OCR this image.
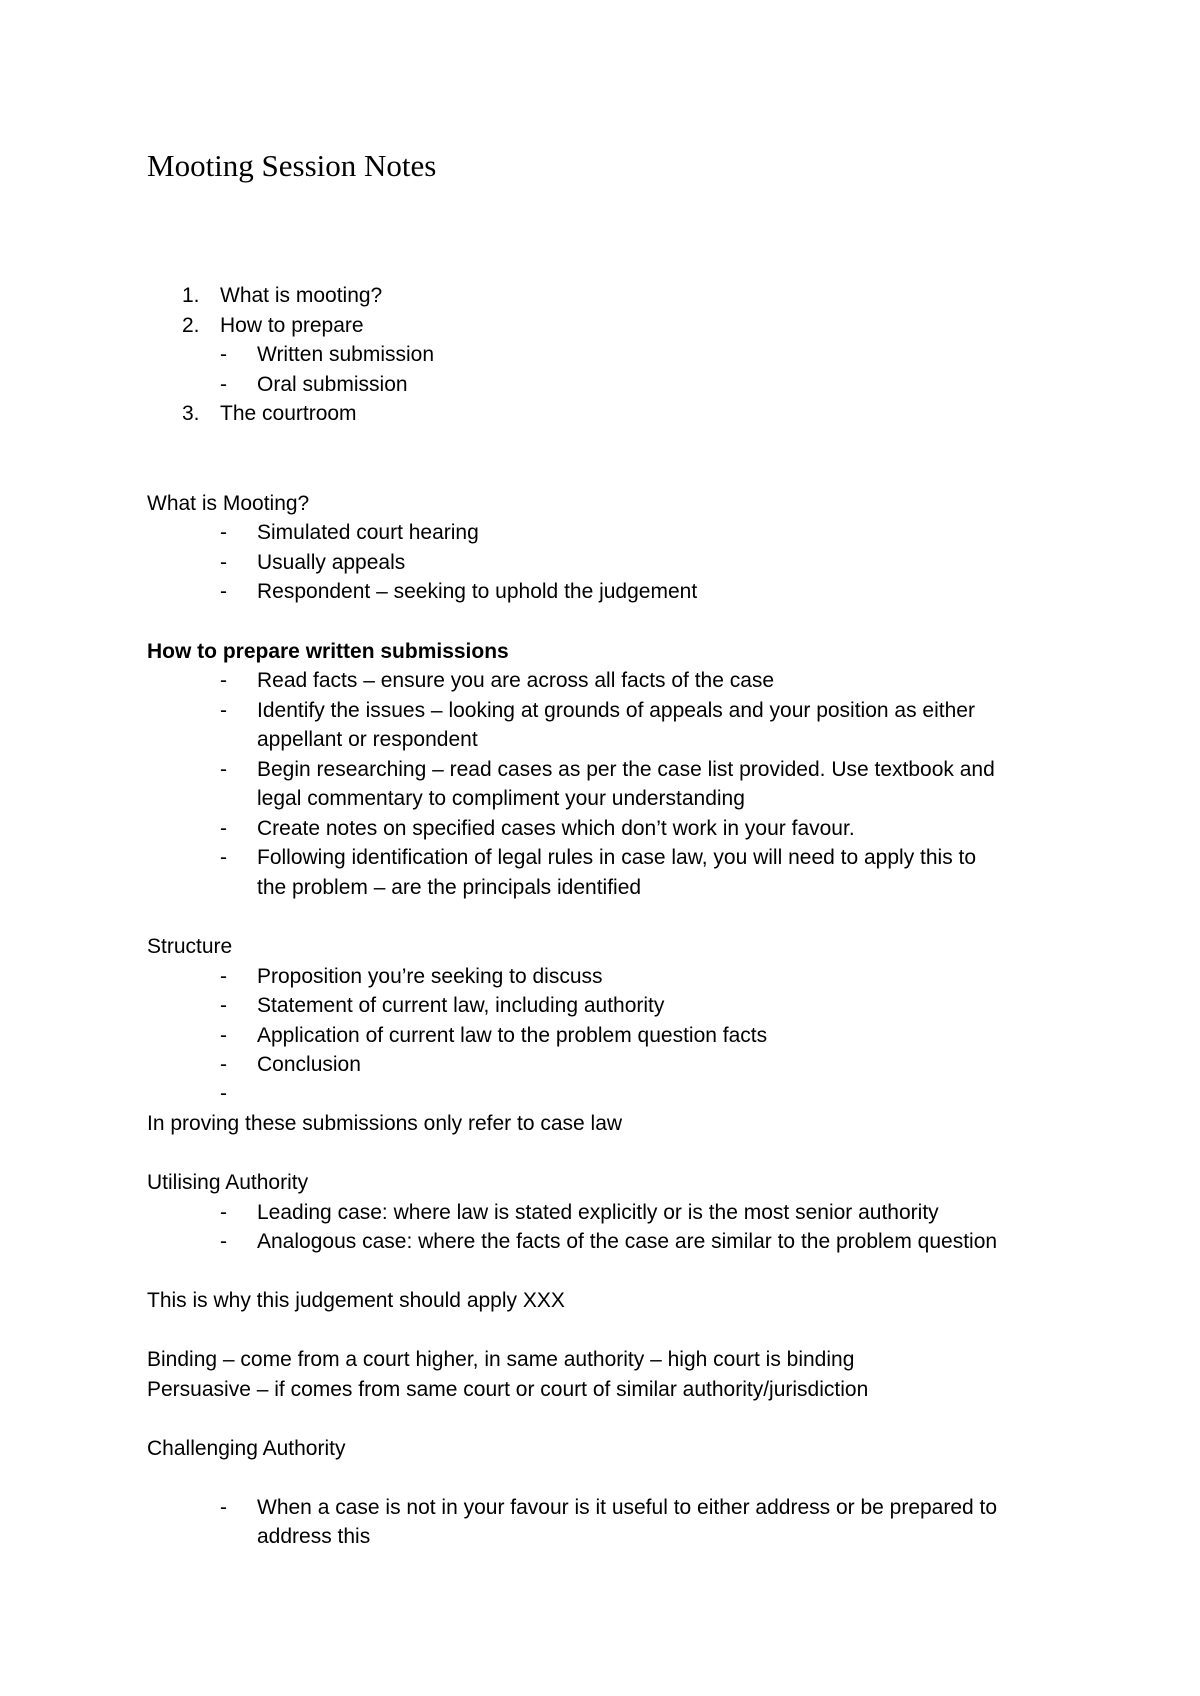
Mooting Session Notes
1. What is mooting?
2. How to prepare
- Written submission
- Oral submission
3. The courtroom
What is Mooting?
- Simulated court hearing
- Usually appeals
- Respondent – seeking to uphold the judgement
How to prepare written submissions
- Read facts – ensure you are across all facts of the case
- Identify the issues – looking at grounds of appeals and your position as either
appellant or respondent
- Begin researching – read cases as per the case list provided. Use textbook and
legal commentary to compliment your understanding
- Create notes on specified cases which don’t work in your favour.
- Following identification of legal rules in case law, you will need to apply this to
the problem – are the principals identified
Structure
- Proposition you’re seeking to discuss
- Statement of current law, including authority
- Application of current law to the problem question facts
- Conclusion
-
In proving these submissions only refer to case law
Utilising Authority
- Leading case: where law is stated explicitly or is the most senior authority
- Analogous case: where the facts of the case are similar to the problem question
This is why this judgement should apply XXX
Binding – come from a court higher, in same authority – high court is binding
Persuasive – if comes from same court or court of similar authority/jurisdiction
Challenging Authority
- When a case is not in your favour is it useful to either address or be prepared to
address this
